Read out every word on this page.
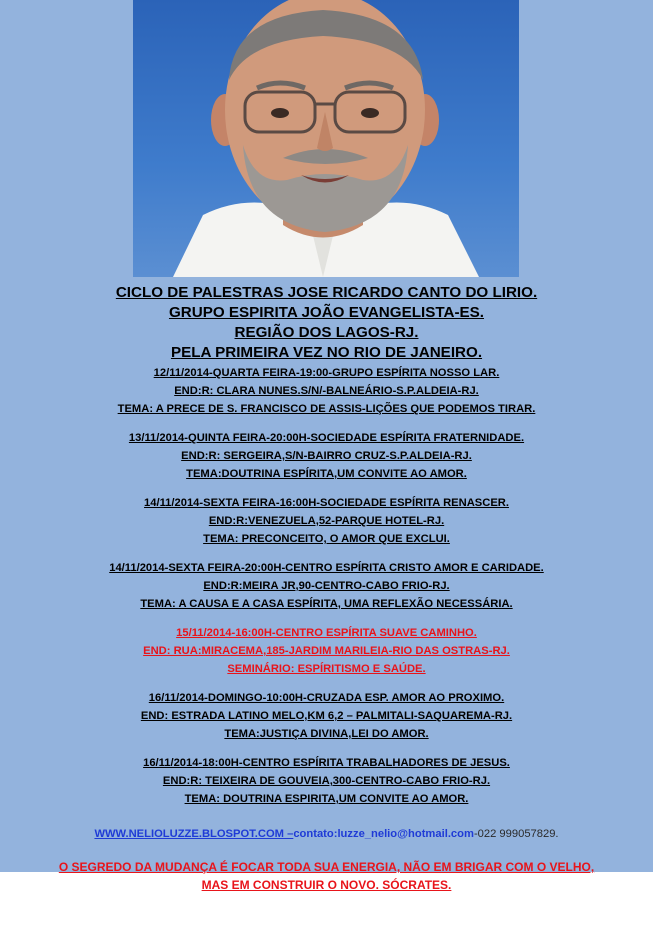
CICLO DE PALESTRAS JOSE RICARDO CANTO DO LIRIO.
GRUPO ESPIRITA JOÃO EVANGELISTA-ES.
REGIÃO DOS LAGOS-RJ.
PELA PRIMEIRA VEZ NO RIO DE JANEIRO.
12/11/2014-QUARTA FEIRA-19:00-GRUPO ESPÍRITA NOSSO LAR.
END:R: CLARA NUNES.S/N/-BALNEÁRIO-S.P.ALDEIA-RJ.
TEMA: A PRECE DE S. FRANCISCO DE ASSIS-LIÇÕES QUE PODEMOS TIRAR.
13/11/2014-QUINTA FEIRA-20:00H-SOCIEDADE ESPÍRITA FRATERNIDADE.
END:R: SERGEIRA,S/N-BAIRRO CRUZ-S.P.ALDEIA-RJ.
TEMA:DOUTRINA ESPÍRITA,UM CONVITE AO AMOR.
14/11/2014-SEXTA FEIRA-16:00H-SOCIEDADE ESPÍRITA RENASCER.
END:R:VENEZUELA,52-PARQUE HOTEL-RJ.
TEMA: PRECONCEITO, O AMOR QUE EXCLUI.
14/11/2014-SEXTA FEIRA-20:00H-CENTRO ESPÍRITA CRISTO AMOR E CARIDADE.
END:R:MEIRA JR,90-CENTRO-CABO FRIO-RJ.
TEMA: A CAUSA E A CASA ESPÍRITA, UMA REFLEXÃO NECESSÁRIA.
15/11/2014-16:00H-CENTRO ESPÍRITA SUAVE CAMINHO.
END: RUA:MIRACEMA,185-JARDIM MARILEIA-RIO DAS OSTRAS-RJ.
SEMINÁRIO: ESPÍRITISMO E SAÚDE.
16/11/2014-DOMINGO-10:00H-CRUZADA ESP. AMOR AO PROXIMO.
END: ESTRADA LATINO MELO,KM 6,2 – PALMITALI-SAQUAREMA-RJ.
TEMA:JUSTIÇA DIVINA,LEI DO AMOR.
16/11/2014-18:00H-CENTRO ESPÍRITA TRABALHADORES DE JESUS.
END:R: TEIXEIRA DE GOUVEIA,300-CENTRO-CABO FRIO-RJ.
TEMA: DOUTRINA ESPIRITA,UM CONVITE AO AMOR.
WWW.NELIOLUZZE.BLOSPOT.COM –contato:luzze_nelio@hotmail.com-022 999057829.
O SEGREDO DA MUDANÇA É FOCAR TODA SUA ENERGIA, NÃO EM BRIGAR COM O VELHO,
MAS EM CONSTRUIR O NOVO. SÓCRATES.
